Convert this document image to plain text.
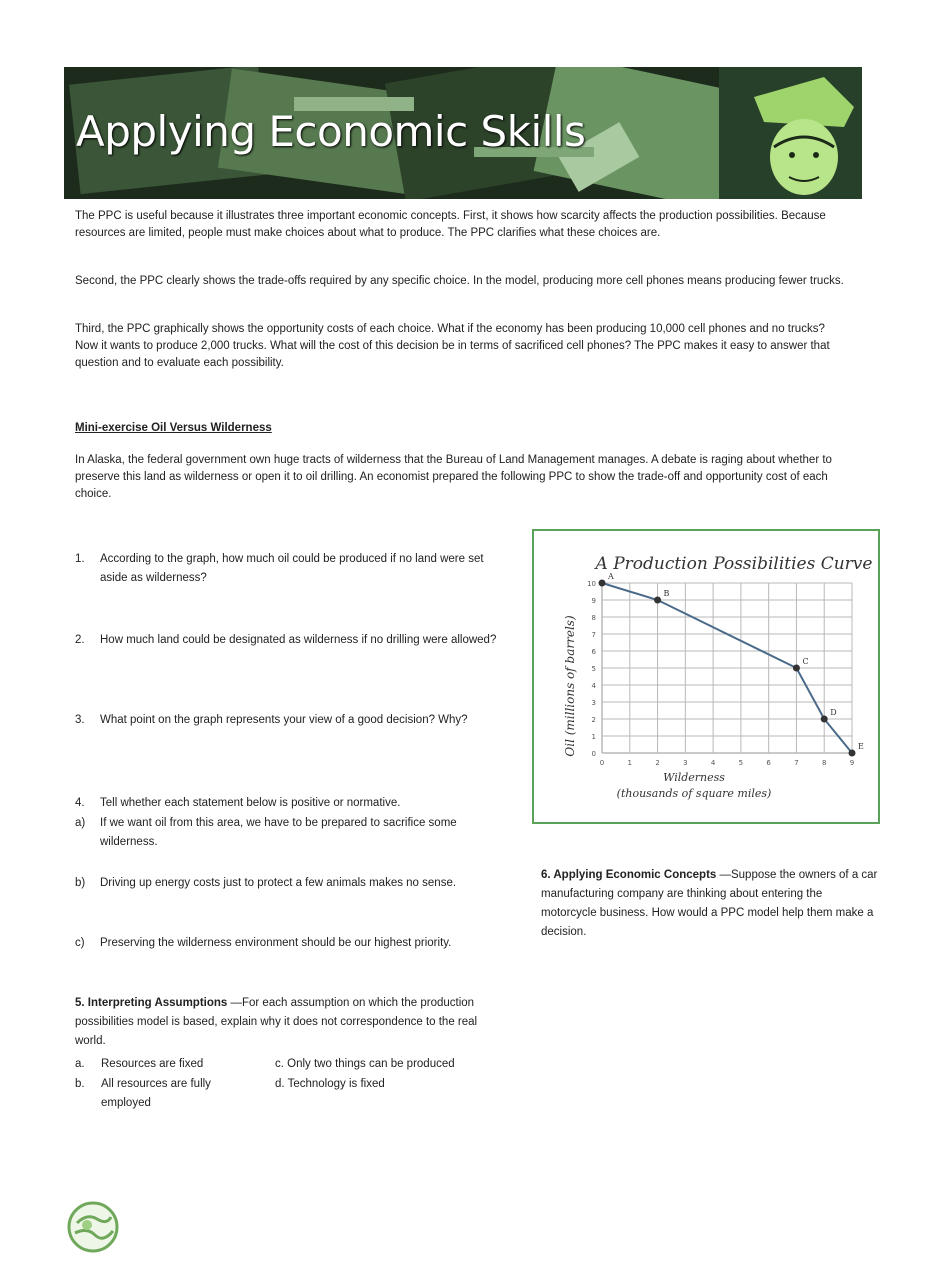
Applying Economic Skills

The PPC is useful because it illustrates three important economic concepts. First, it shows how scarcity affects the production possibilities. Because resources are limited, people must make choices about what to produce. The PPC clarifies what these choices are.

Second, the PPC clearly shows the trade-offs required by any specific choice. In the model, producing more cell phones means producing fewer trucks.

Third, the PPC graphically shows the opportunity costs of each choice. What if the economy has been producing 10,000 cell phones and no trucks? Now it wants to produce 2,000 trucks. What will the cost of this decision be in terms of sacrificed cell phones? The PPC makes it easy to answer that question and to evaluate each possibility.

Mini-exercise Oil Versus Wilderness

In Alaska, the federal government own huge tracts of wilderness that the Bureau of Land Management manages. A debate is raging about whether to preserve this land as wilderness or open it to oil drilling. An economist prepared the following PPC to show the trade-off and opportunity cost of each choice.

1. According to the graph, how much oil could be produced if no land were set aside as wilderness?
2. How much land could be designated as wilderness if no drilling were allowed?
3. What point on the graph represents your view of a good decision? Why?
4. Tell whether each statement below is positive or normative.
a) If we want oil from this area, we have to be prepared to sacrifice some wilderness.
b) Driving up energy costs just to protect a few animals makes no sense.
c) Preserving the wilderness environment should be our highest priority.
5. Interpreting Assumptions —For each assumption on which the production possibilities model is based, explain why it does not correspondence to the real world.
a. Resources are fixed
b. All resources are fully employed
c. Only two things can be produced
d. Technology is fixed
A Production Possibilities Curve
Oil (millions of barrels)
Wilderness
(thousands of square miles)
0	1	2	3	4	5	6	7	8	9
0
1
2
3
4
5
6
7
8
9
10
A
B
C
D
E
6. Applying Economic Concepts —Suppose the owners of a car manufacturing company are thinking about entering the motorcycle business. How would a PPC model help them make a decision.
